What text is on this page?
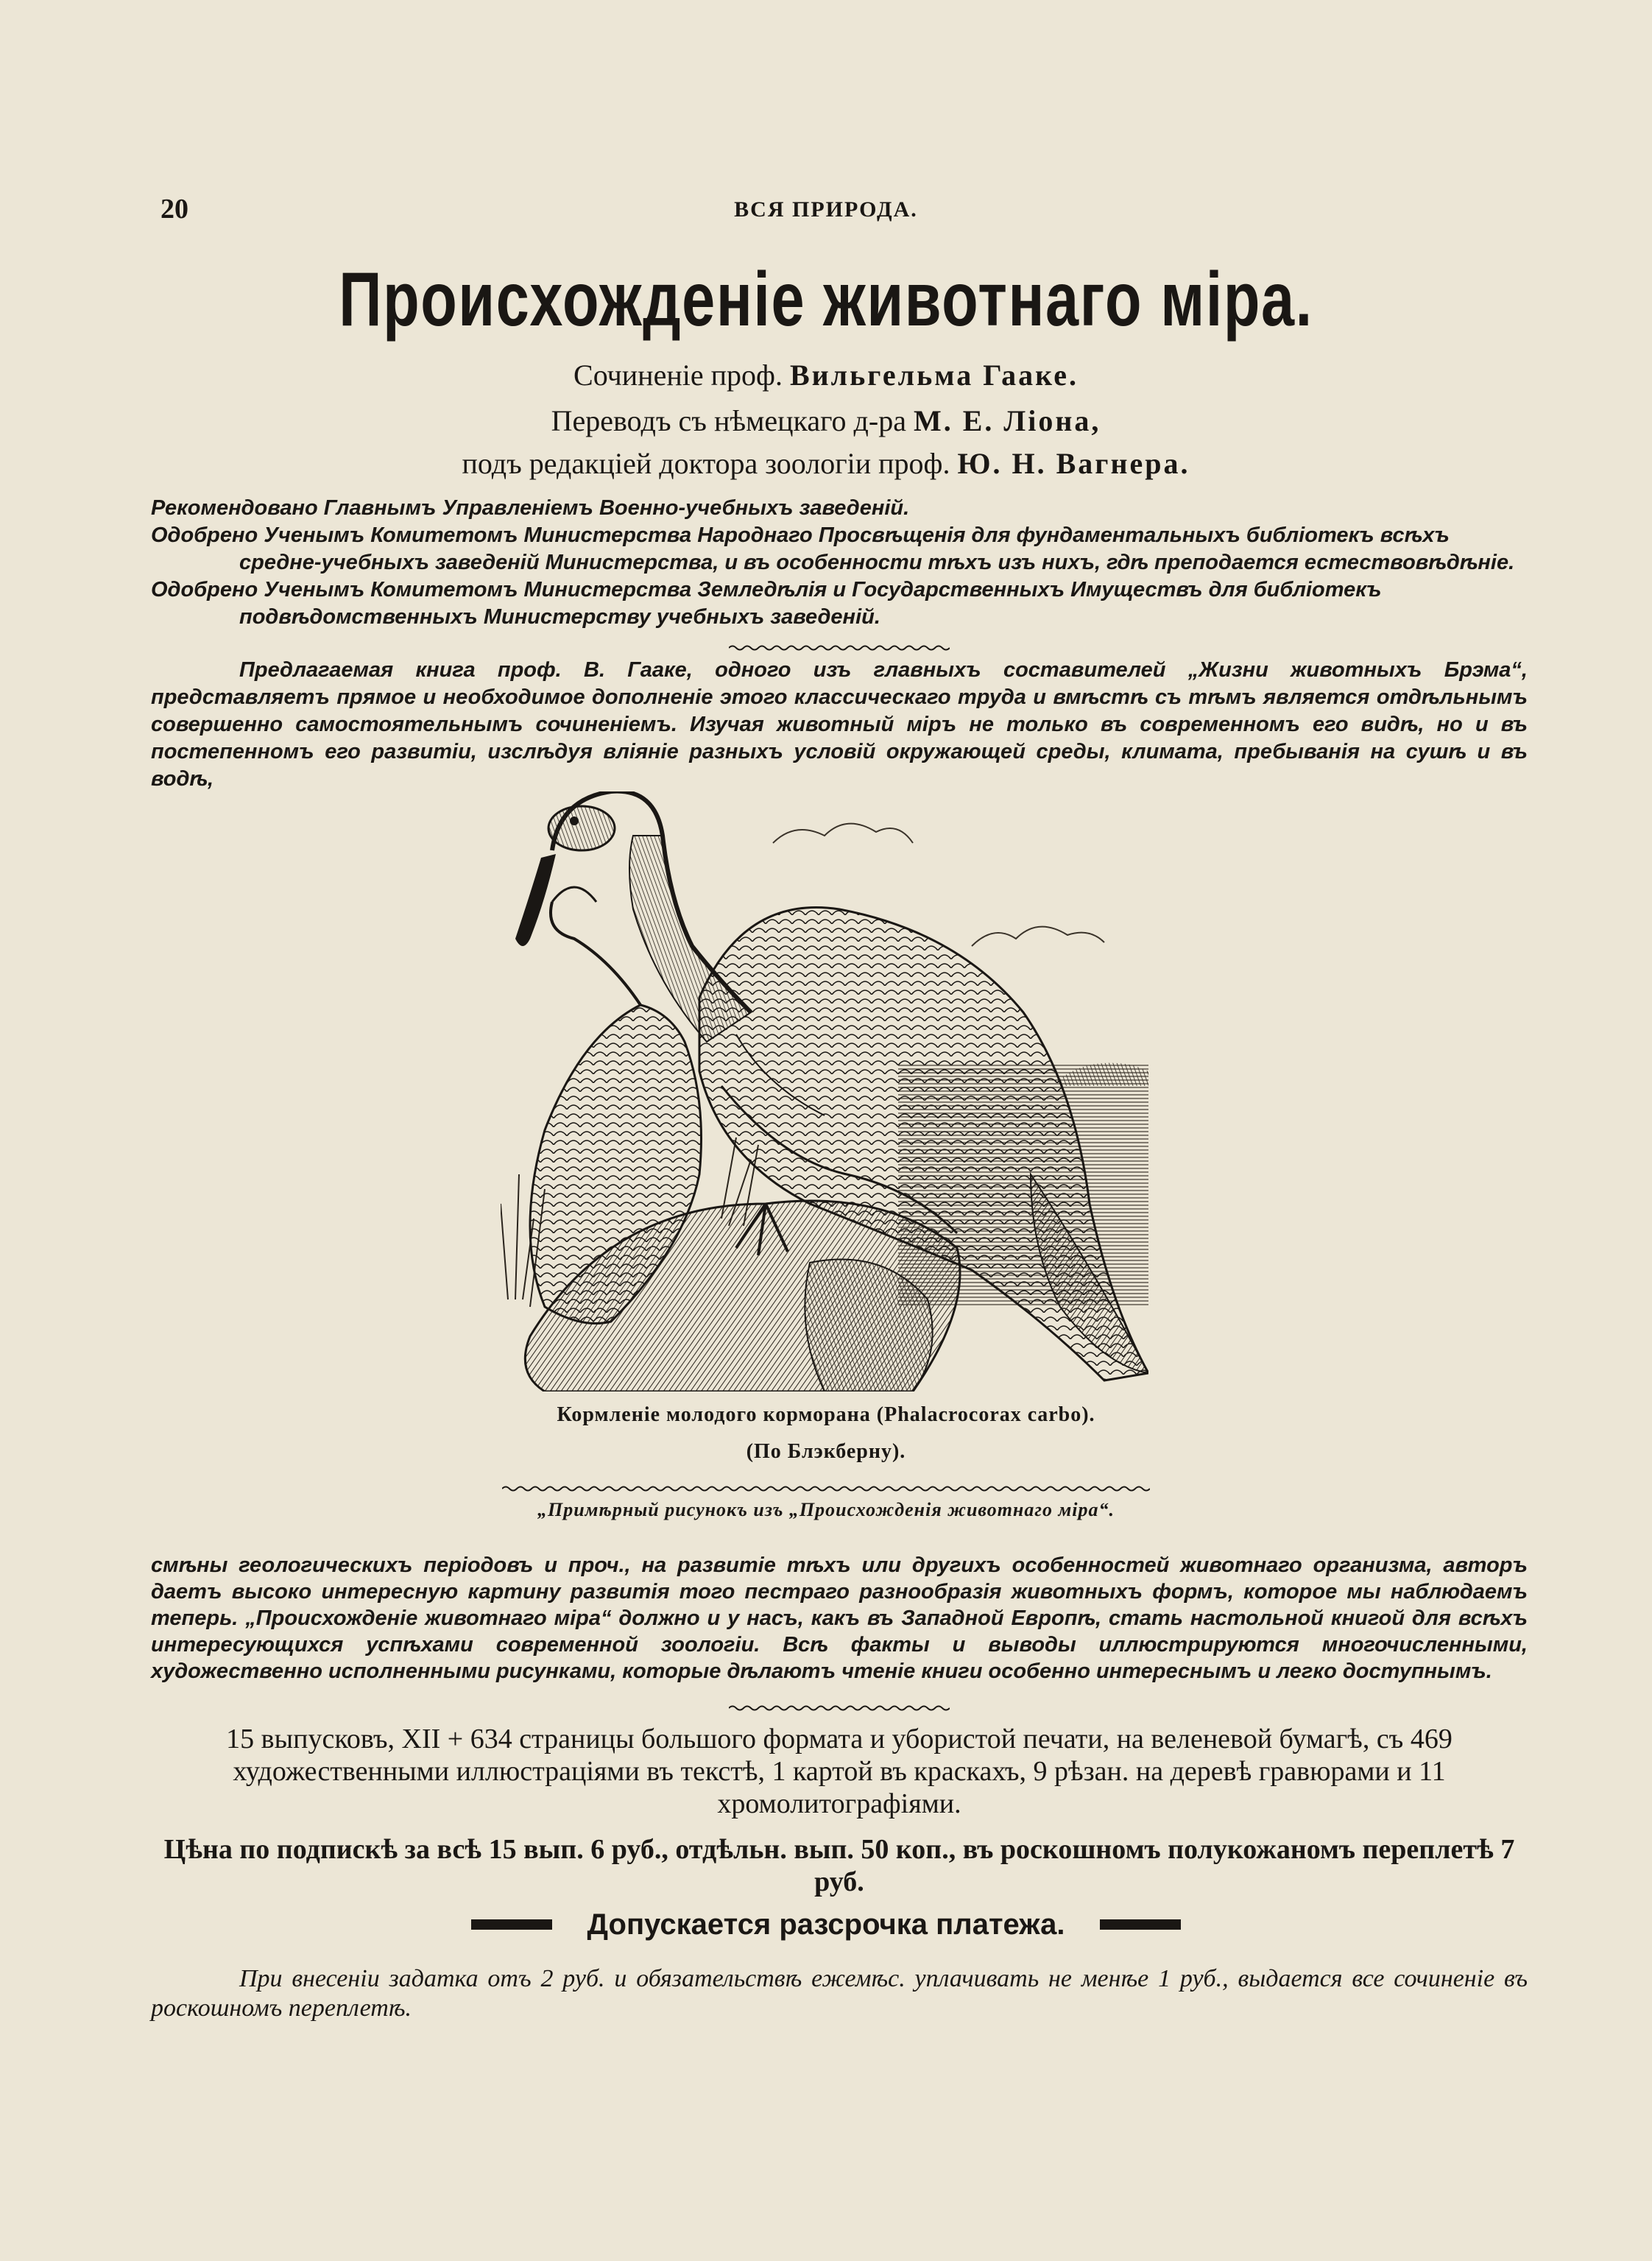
20	ВСЯ ПРИРОДА.
Происхожденіе животнаго міра.
Сочиненіе проф. Вильгельма Гааке.
Переводъ съ нѣмецкаго д-ра М. Е. Ліона,
подъ редакціей доктора зоологіи проф. Ю. Н. Вагнера.

Рекомендовано Главнымъ Управленіемъ Военно-учебныхъ заведеній.

Одобрено Ученымъ Комитетомъ Министерства Народнаго Просвѣщенія для фундаментальныхъ библіотекъ всѣхъ средне-учебныхъ заведеній Министерства, и въ особенности тѣхъ изъ нихъ, гдѣ преподается естествовѣдѣніе.

Одобрено Ученымъ Комитетомъ Министерства Земледѣлія и Государственныхъ Имуществъ для библіотекъ подвѣдомственныхъ Министерству учебныхъ заведеній.

Предлагаемая книга проф. В. Гааке, одного изъ главныхъ составителей „Жизни животныхъ Брэма“, представляетъ прямое и необходимое дополненіе этого классическаго труда и вмѣстѣ съ тѣмъ является отдѣльнымъ совершенно самостоятельнымъ сочиненіемъ. Изучая животный міръ не только въ современномъ его видѣ, но и въ постепенномъ его развитіи, изслѣдуя вліяніе разныхъ условій окружающей среды, климата, пребыванія на сушѣ и въ водѣ,

Кормленіе молодого корморана (Phalacrocorax carbo).
(По Блэкберну).
„Примѣрный рисунокъ изъ „Происхожденія животнаго міра“.

смѣны геологическихъ періодовъ и проч., на развитіе тѣхъ или другихъ особенностей животнаго организма, авторъ даетъ высоко интересную картину развитія того пестраго разнообразія животныхъ формъ, которое мы наблюдаемъ теперь. „Происхожденіе животнаго міра“ должно и у насъ, какъ въ Западной Европѣ, стать настольной книгой для всѣхъ интересующихся успѣхами современной зоологіи. Всѣ факты и выводы иллюстрируются многочисленными, художественно исполненными рисунками, которые дѣлаютъ чтеніе книги особенно интереснымъ и легко доступнымъ.

15 выпусковъ, XII + 634 страницы большого формата и убористой печати, на веленевой бумагѣ, съ 469 художественными иллюстраціями въ текстѣ, 1 картой въ краскахъ, 9 рѣзан. на деревѣ гравюрами и 11 хромолитографіями.
Цѣна по подпискѣ за всѣ 15 вып. 6 руб., отдѣльн. вып. 50 коп., въ роскошномъ полукожаномъ переплетѣ 7 руб.
Допускается разсрочка платежа.

При внесеніи задатка отъ 2 руб. и обязательствѣ ежемѣс. уплачивать не менѣе 1 руб., выдается все сочиненіе въ роскошномъ переплетѣ.
